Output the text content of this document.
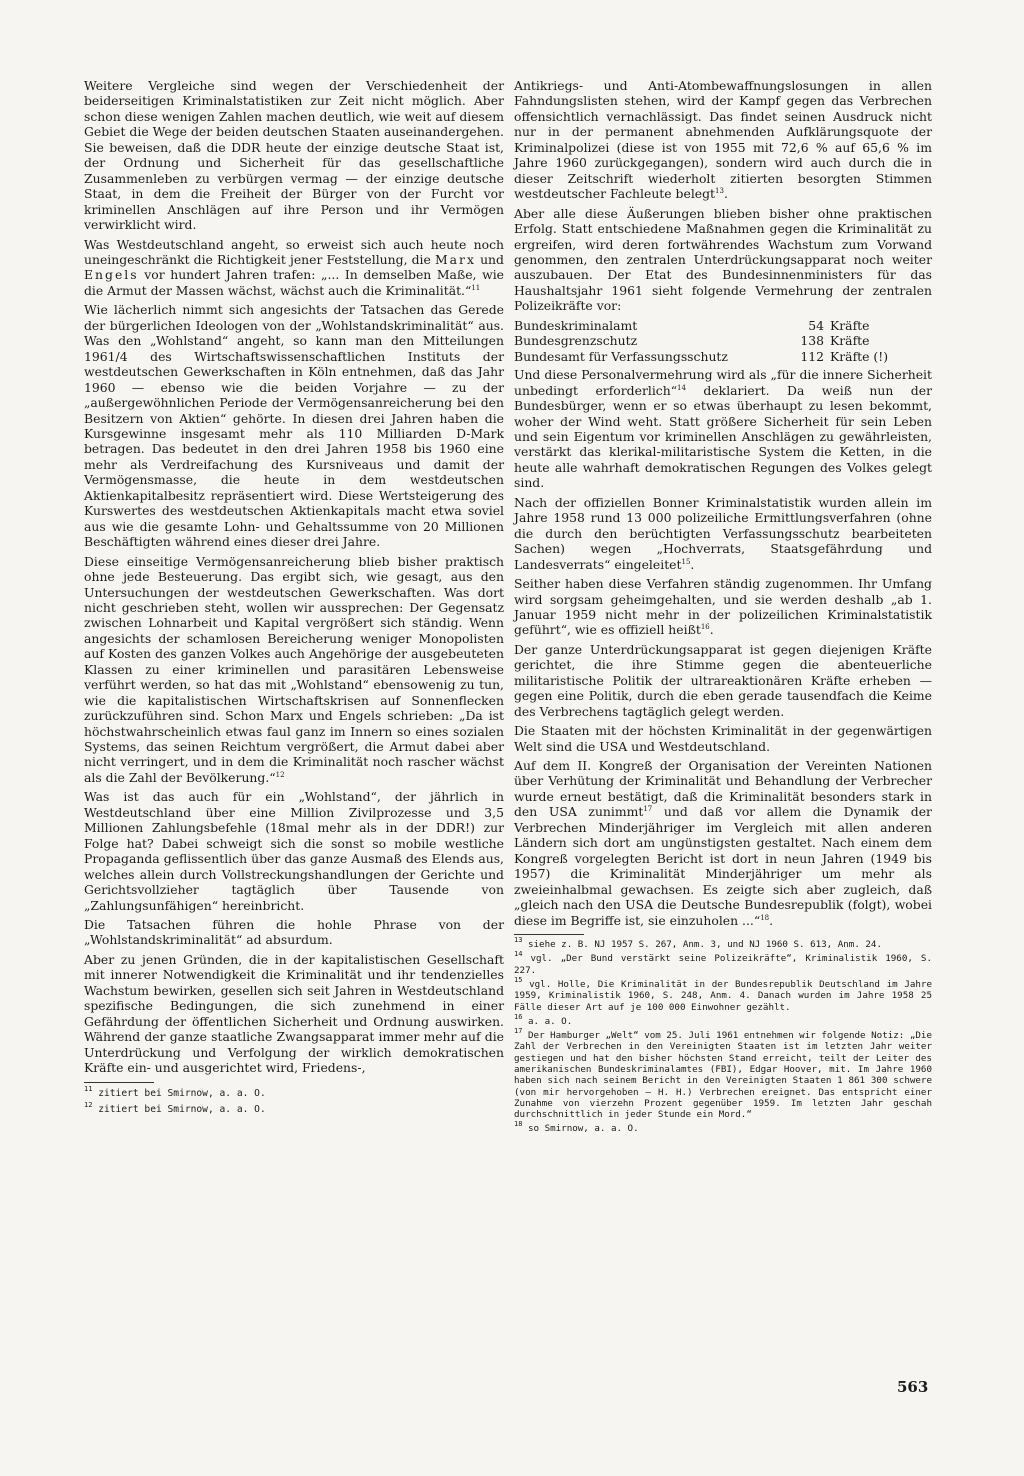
Weitere Vergleiche sind wegen der Verschiedenheit der beiderseitigen Kriminalstatistiken zur Zeit nicht möglich. Aber schon diese wenigen Zahlen machen deutlich, wie weit auf diesem Gebiet die Wege der beiden deutschen Staaten auseinandergehen. Sie beweisen, daß die DDR heute der einzige deutsche Staat ist, der Ordnung und Sicherheit für das gesellschaftliche Zusammenleben zu verbürgen vermag — der einzige deutsche Staat, in dem die Freiheit der Bürger von der Furcht vor kriminellen Anschlägen auf ihre Person und ihr Vermögen verwirklicht wird.

Was Westdeutschland angeht, so erweist sich auch heute noch uneingeschränkt die Richtigkeit jener Feststellung, die Marx und Engels vor hundert Jahren trafen: „... In demselben Maße, wie die Armut der Massen wächst, wächst auch die Kriminalität.“$^{11}$

Wie lächerlich nimmt sich angesichts der Tatsachen das Gerede der bürgerlichen Ideologen von der „Wohlstandskriminalität“ aus. Was den „Wohlstand“ angeht, so kann man den Mitteilungen 1961/4 des Wirtschaftswissenschaftlichen Instituts der westdeutschen Gewerkschaften in Köln entnehmen, daß das Jahr 1960 — ebenso wie die beiden Vorjahre — zu der „außergewöhnlichen Periode der Vermögensanreicherung bei den Besitzern von Aktien“ gehörte. In diesen drei Jahren haben die Kursgewinne insgesamt mehr als 110 Milliarden D-Mark betragen. Das bedeutet in den drei Jahren 1958 bis 1960 eine mehr als Verdreifachung des Kursniveaus und damit der Vermögensmasse, die heute in dem westdeutschen Aktienkapitalbesitz repräsentiert wird. Diese Wertsteigerung des Kurswertes des westdeutschen Aktienkapitals macht etwa soviel aus wie die gesamte Lohn- und Gehaltssumme von 20 Millionen Beschäftigten während eines dieser drei Jahre.

Diese einseitige Vermögensanreicherung blieb bisher praktisch ohne jede Besteuerung. Das ergibt sich, wie gesagt, aus den Untersuchungen der westdeutschen Gewerkschaften. Was dort nicht geschrieben steht, wollen wir aussprechen: Der Gegensatz zwischen Lohnarbeit und Kapital vergrößert sich ständig. Wenn angesichts der schamlosen Bereicherung weniger Monopolisten auf Kosten des ganzen Volkes auch Angehörige der ausgebeuteten Klassen zu einer kriminellen und parasitären Lebensweise verführt werden, so hat das mit „Wohlstand“ ebensowenig zu tun, wie die kapitalistischen Wirtschaftskrisen auf Sonnenflecken zurückzuführen sind. Schon Marx und Engels schrieben: „Da ist höchstwahrscheinlich etwas faul ganz im Innern so eines sozialen Systems, das seinen Reichtum vergrößert, die Armut dabei aber nicht verringert, und in dem die Kriminalität noch rascher wächst als die Zahl der Bevölkerung.“$^{12}$

Was ist das auch für ein „Wohlstand“, der jährlich in Westdeutschland über eine Million Zivilprozesse und 3,5 Millionen Zahlungsbefehle (18mal mehr als in der DDR!) zur Folge hat? Dabei schweigt sich die sonst so mobile westliche Propaganda geflissentlich über das ganze Ausmaß des Elends aus, welches allein durch Vollstreckungshandlungen der Gerichte und Gerichtsvollzieher tagtäglich über Tausende von „Zahlungsunfähigen“ hereinbricht.

Die Tatsachen führen die hohle Phrase von der „Wohlstandskriminalität“ ad absurdum.

Aber zu jenen Gründen, die in der kapitalistischen Gesellschaft mit innerer Notwendigkeit die Kriminalität und ihr tendenzielles Wachstum bewirken, gesellen sich seit Jahren in Westdeutschland spezifische Bedingungen, die sich zunehmend in einer Gefährdung der öffentlichen Sicherheit und Ordnung auswirken. Während der ganze staatliche Zwangsapparat immer mehr auf die Unterdrückung und Verfolgung der wirklich demokratischen Kräfte ein- und ausgerichtet wird, Friedens-,

$^{11}$ zitiert bei Smirnow, a. a. O.

$^{12}$ zitiert bei Smirnow, a. a. O.

Antikriegs- und Anti-Atombewaffnungslosungen in allen Fahndungslisten stehen, wird der Kampf gegen das Verbrechen offensichtlich vernachlässigt. Das findet seinen Ausdruck nicht nur in der permanent abnehmenden Aufklärungsquote der Kriminalpolizei (diese ist von 1955 mit 72,6 % auf 65,6 % im Jahre 1960 zurückgegangen), sondern wird auch durch die in dieser Zeitschrift wiederholt zitierten besorgten Stimmen westdeutscher Fachleute belegt$^{13}$.

Aber alle diese Äußerungen blieben bisher ohne praktischen Erfolg. Statt entschiedene Maßnahmen gegen die Kriminalität zu ergreifen, wird deren fortwährendes Wachstum zum Vorwand genommen, den zentralen Unterdrückungsapparat noch weiter auszubauen. Der Etat des Bundesinnenministers für das Haushaltsjahr 1961 sieht folgende Vermehrung der zentralen Polizeikräfte vor:

Bundeskriminalamt	54	Kräfte
Bundesgrenzschutz	138	Kräfte
Bundesamt für Verfassungsschutz	112	Kräfte (!)

Und diese Personalvermehrung wird als „für die innere Sicherheit unbedingt erforderlich“$^{14}$ deklariert. Da weiß nun der Bundesbürger, wenn er so etwas überhaupt zu lesen bekommt, woher der Wind weht. Statt größere Sicherheit für sein Leben und sein Eigentum vor kriminellen Anschlägen zu gewährleisten, verstärkt das klerikal-militaristische System die Ketten, in die heute alle wahrhaft demokratischen Regungen des Volkes gelegt sind.

Nach der offiziellen Bonner Kriminalstatistik wurden allein im Jahre 1958 rund 13 000 polizeiliche Ermittlungsverfahren (ohne die durch den berüchtigten Verfassungsschutz bearbeiteten Sachen) wegen „Hochverrats, Staatsgefährdung und Landesverrats“ eingeleitet$^{15}$.

Seither haben diese Verfahren ständig zugenommen. Ihr Umfang wird sorgsam geheimgehalten, und sie werden deshalb „ab 1. Januar 1959 nicht mehr in der polizeilichen Kriminalstatistik geführt“, wie es offiziell heißt$^{16}$.

Der ganze Unterdrückungsapparat ist gegen diejenigen Kräfte gerichtet, die ihre Stimme gegen die abenteuerliche militaristische Politik der ultrareaktionären Kräfte erheben — gegen eine Politik, durch die eben gerade tausendfach die Keime des Verbrechens tagtäglich gelegt werden.

Die Staaten mit der höchsten Kriminalität in der gegenwärtigen Welt sind die USA und Westdeutschland.

Auf dem II. Kongreß der Organisation der Vereinten Nationen über Verhütung der Kriminalität und Behandlung der Verbrecher wurde erneut bestätigt, daß die Kriminalität besonders stark in den USA zunimmt$^{17}$ und daß vor allem die Dynamik der Verbrechen Minderjähriger im Vergleich mit allen anderen Ländern sich dort am ungünstigsten gestaltet. Nach einem dem Kongreß vorgelegten Bericht ist dort in neun Jahren (1949 bis 1957) die Kriminalität Minderjähriger um mehr als zweieinhalbmal gewachsen. Es zeigte sich aber zugleich, daß „gleich nach den USA die Deutsche Bundesrepublik (folgt), wobei diese im Begriffe ist, sie einzuholen ...“$^{18}$.

$^{13}$ siehe z. B. NJ 1957 S. 267, Anm. 3, und NJ 1960 S. 613, Anm. 24.

$^{14}$ vgl. „Der Bund verstärkt seine Polizeikräfte“, Kriminalistik 1960, S. 227.

$^{15}$ vgl. Holle, Die Kriminalität in der Bundesrepublik Deutschland im Jahre 1959, Kriminalistik 1960, S. 248, Anm. 4. Danach wurden im Jahre 1958 25 Fälle dieser Art auf je 100 000 Einwohner gezählt.

$^{16}$ a. a. O.

$^{17}$ Der Hamburger „Welt“ vom 25. Juli 1961 entnehmen wir folgende Notiz: „Die Zahl der Verbrechen in den Vereinigten Staaten ist im letzten Jahr weiter gestiegen und hat den bisher höchsten Stand erreicht, teilt der Leiter des amerikanischen Bundeskriminalamtes (FBI), Edgar Hoover, mit. Im Jahre 1960 haben sich nach seinem Bericht in den Vereinigten Staaten 1 861 300 schwere (von mir hervorgehoben — H. H.) Verbrechen ereignet. Das entspricht einer Zunahme von vierzehn Prozent gegenüber 1959. Im letzten Jahr geschah durchschnittlich in jeder Stunde ein Mord.“

$^{18}$ so Smirnow, a. a. O.

563
